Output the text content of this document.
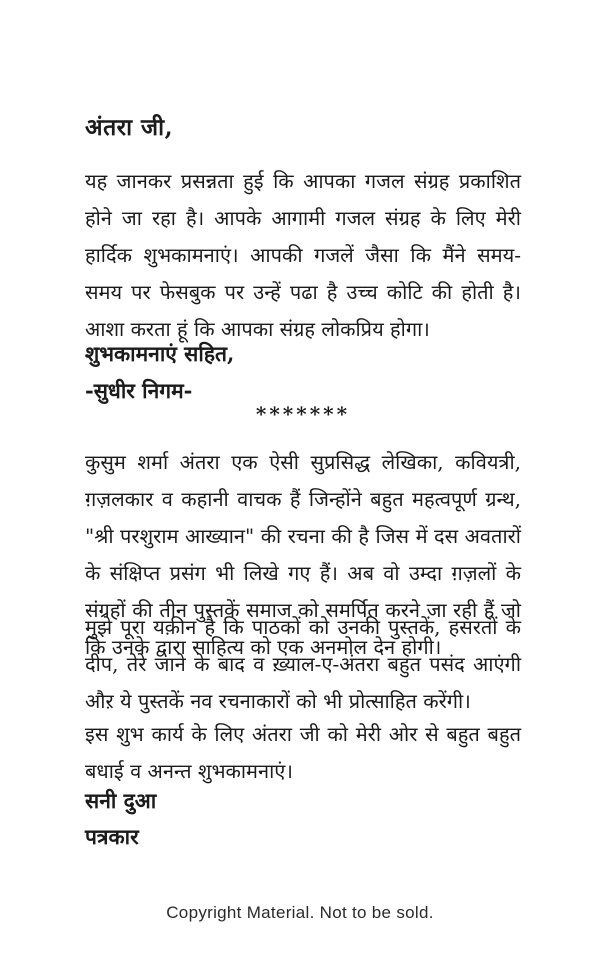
अंतरा जी,
यह जानकर प्रसन्नता हुई कि आपका गजल संग्रह प्रकाशित होने जा रहा है। आपके आगामी गजल संग्रह के लिए मेरी हार्दिक शुभकामनाएं। आपकी गजलें जैसा कि मैंने समय-समय पर फेसबुक पर उन्हें पढा है उच्च कोटि की होती है। आशा करता हूं कि आपका संग्रह लोकप्रिय होगा।
शुभकामनाएं सहित,
-सुधीर निगम-
*******
कुसुम शर्मा अंतरा एक ऐसी सुप्रसिद्ध लेखिका, कवियत्री, ग़ज़लकार व कहानी वाचक हैं जिन्होंने बहुत महत्वपूर्ण ग्रन्थ, "श्री परशुराम आख्यान" की रचना की है जिस में दस अवतारों के संक्षिप्त प्रसंग भी लिखे गए हैं। अब वो उम्दा ग़ज़लों के संग्रहों की तीन पुस्तकें समाज को समर्पित करने जा रही हैं जो कि उनके द्वारा साहित्य को एक अनमोल देन होगी।
मुझे पूरा यक़ीन है कि पाठकों को उनकी पुस्तकें, हसरतों के दीप, तेरे जाने के बाद व ख़्याल-ए-अंतरा बहुत पसंद आएंगी औऱ ये पुस्तकें नव रचनाकारों को भी प्रोत्साहित करेंगी।
इस शुभ कार्य के लिए अंतरा जी को मेरी ओर से बहुत बहुत बधाई व अनन्त शुभकामनाएं।
सनी दुआ
पत्रकार
Copyright Material. Not to be sold.
